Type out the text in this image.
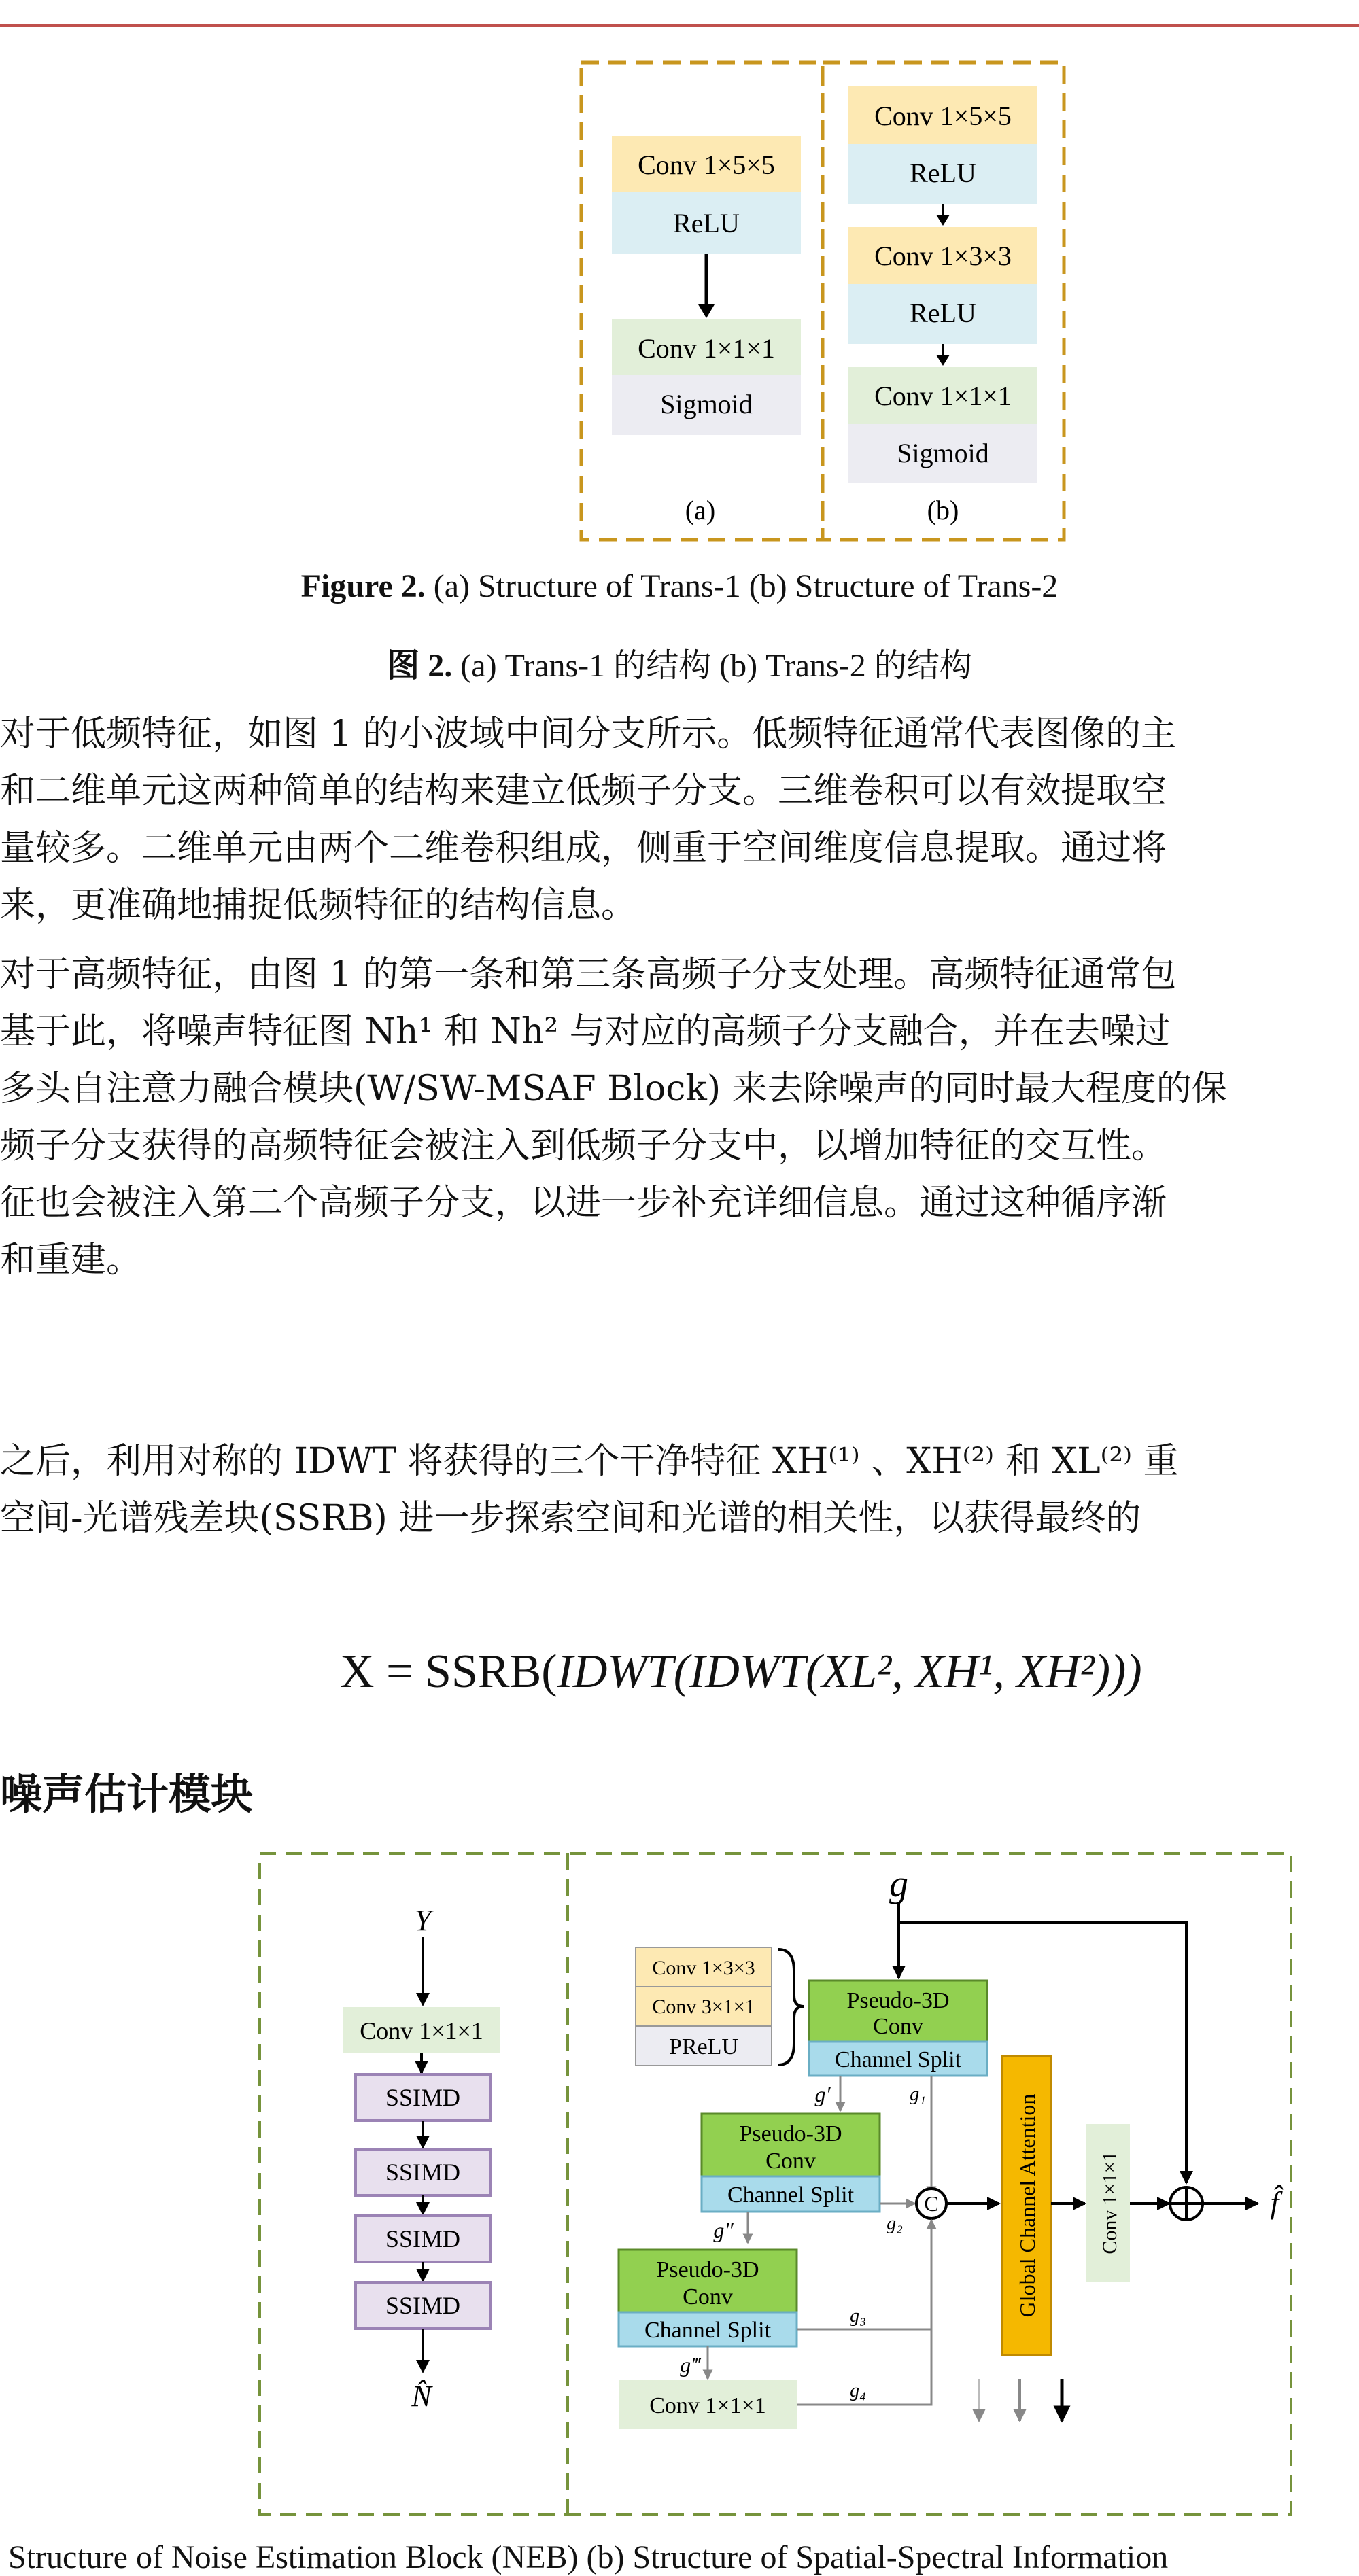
Conv 1×5×5
ReLU
Conv 1×1×1
Sigmoid
(a)
Conv 1×5×5
ReLU
Conv 1×3×3
ReLU
Conv 1×1×1
Sigmoid
(b)
Figure 2. (a) Structure of Trans-1 (b) Structure of Trans-2
图 2. (a) Trans-1 的结构 (b) Trans-2 的结构
对于低频特征，如图 1 的小波域中间分支所示。低频特征通常代表图像的主
和二维单元这两种简单的结构来建立低频子分支。三维卷积可以有效提取空
量较多。二维单元由两个二维卷积组成，侧重于空间维度信息提取。通过将
来，更准确地捕捉低频特征的结构信息。
对于高频特征，由图 1 的第一条和第三条高频子分支处理。高频特征通常包
基于此，将噪声特征图 Nh¹ 和 Nh² 与对应的高频子分支融合，并在去噪过
多头自注意力融合模块(W/SW-MSAF Block) 来去除噪声的同时最大程度的保
频子分支获得的高频特征会被注入到低频子分支中，以增加特征的交互性。
征也会被注入第二个高频子分支，以进一步补充详细信息。通过这种循序渐
和重建。
之后，利用对称的 IDWT 将获得的三个干净特征 XH⁽¹⁾ 、XH⁽²⁾ 和 XL⁽²⁾ 重
空间-光谱残差块(SSRB) 进一步探索空间和光谱的相关性，以获得最终的
X = SSRB(IDWT(IDWT(XL², XH¹, XH²)))
噪声估计模块
Y
Conv 1×1×1
SSIMD
SSIMD
SSIMD
SSIMD
N̂
g
Conv 1×3×3
Conv 3×1×1
PReLU
Pseudo-3D
Conv
Channel Split
g′	g₁
Pseudo-3D
Conv
Channel Split
g₂
g″
C
Pseudo-3D
Conv
Channel Split
g₃
g‴
Conv 1×1×1
g₄
Global Channel Attention	Conv 1×1×1	f̂
Structure of Noise Estimation Block (NEB) (b) Structure of Spatial-Spectral Information
